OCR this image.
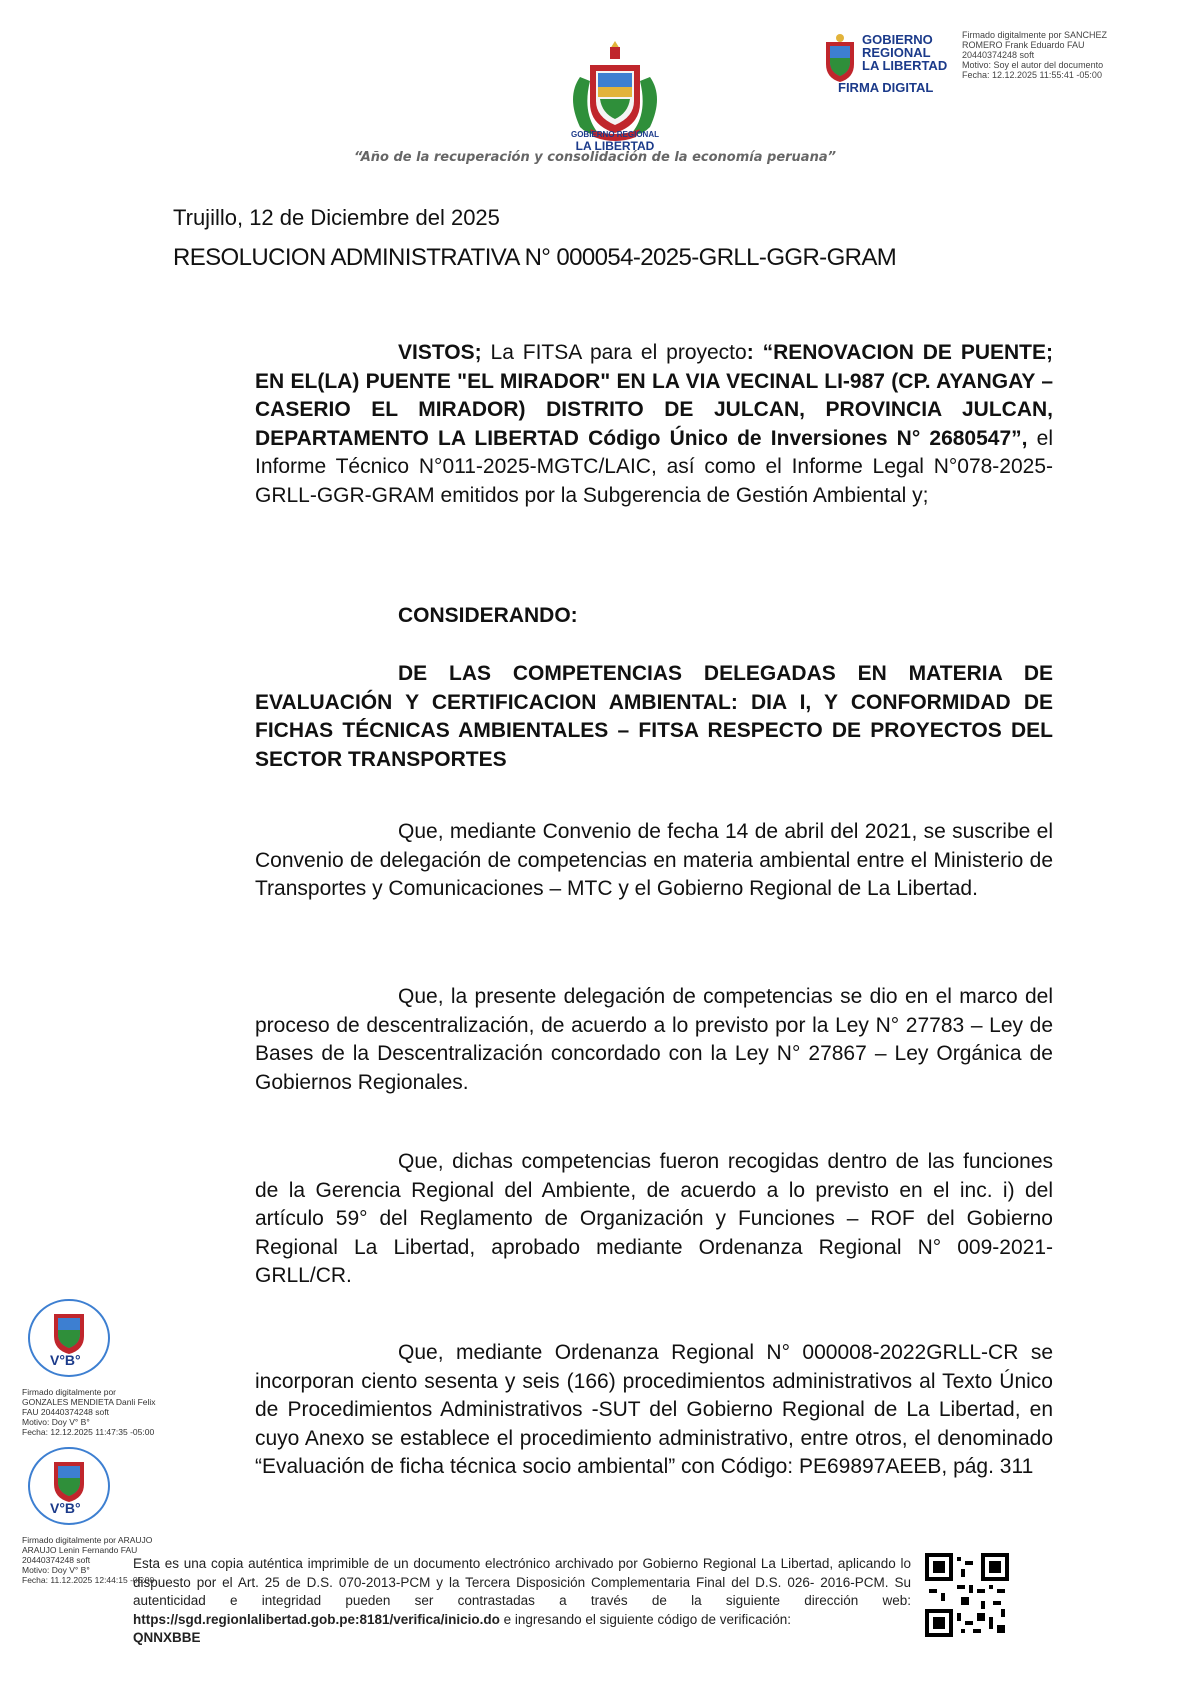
GOBIERNO REGIONAL
LA LIBERTAD
“Año de la recuperación y consolidación de la economía peruana”
GOBIERNO
REGIONAL
LA LIBERTAD
FIRMA DIGITAL
Firmado digitalmente por SANCHEZ
ROMERO Frank Eduardo FAU
20440374248 soft
Motivo: Soy el autor del documento
Fecha: 12.12.2025 11:55:41 -05:00
Trujillo, 12 de Diciembre del 2025
RESOLUCION ADMINISTRATIVA N° 000054-2025-GRLL-GGR-GRAM
VISTOS; La FITSA para el proyecto: “RENOVACION DE PUENTE; EN EL(LA) PUENTE "EL MIRADOR" EN LA VIA VECINAL LI-987 (CP. AYANGAY – CASERIO EL MIRADOR) DISTRITO DE JULCAN, PROVINCIA JULCAN, DEPARTAMENTO LA LIBERTAD Código Único de Inversiones N° 2680547”, el Informe Técnico N°011-2025-MGTC/LAIC, así como el Informe Legal N°078-2025-GRLL-GGR-GRAM emitidos por la Subgerencia de Gestión Ambiental y;
CONSIDERANDO:
DE LAS COMPETENCIAS DELEGADAS EN MATERIA DE EVALUACIÓN Y CERTIFICACION AMBIENTAL: DIA I, Y CONFORMIDAD DE FICHAS TÉCNICAS AMBIENTALES – FITSA RESPECTO DE PROYECTOS DEL SECTOR TRANSPORTES
Que, mediante Convenio de fecha 14 de abril del 2021, se suscribe el Convenio de delegación de competencias en materia ambiental entre el Ministerio de Transportes y Comunicaciones – MTC y el Gobierno Regional de La Libertad.
Que, la presente delegación de competencias se dio en el marco del proceso de descentralización, de acuerdo a lo previsto por la Ley N° 27783 – Ley de Bases de la Descentralización concordado con la Ley N° 27867 – Ley Orgánica de Gobiernos Regionales.
Que, dichas competencias fueron recogidas dentro de las funciones de la Gerencia Regional del Ambiente, de acuerdo a lo previsto en el inc. i) del artículo 59° del Reglamento de Organización y Funciones – ROF del Gobierno Regional La Libertad, aprobado mediante Ordenanza Regional N° 009-2021-GRLL/CR.
Que, mediante Ordenanza Regional N° 000008-2022GRLL-CR se incorporan ciento sesenta y seis (166) procedimientos administrativos al Texto Único de Procedimientos Administrativos -SUT del Gobierno Regional de La Libertad, en cuyo Anexo se establece el procedimiento administrativo, entre otros, el denominado “Evaluación de ficha técnica socio ambiental” con Código: PE69897AEEB, pág. 311
V°B°
Firmado digitalmente por
GONZALES MENDIETA Danli Felix
FAU 20440374248 soft
Motivo: Doy V° B°
Fecha: 12.12.2025 11:47:35 -05:00
V°B°
Firmado digitalmente por ARAUJO
ARAUJO Lenin Fernando FAU
20440374248 soft
Motivo: Doy V° B°
Fecha: 11.12.2025 12:44:15 -05:00
Esta es una copia auténtica imprimible de un documento electrónico archivado por Gobierno Regional La Libertad, aplicando lo dispuesto por el Art. 25 de D.S. 070-2013-PCM y la Tercera Disposición Complementaria Final del D.S. 026- 2016-PCM. Su autenticidad e integridad pueden ser contrastadas a través de la siguiente dirección web: https://sgd.regionlalibertad.gob.pe:8181/verifica/inicio.do e ingresando el siguiente código de verificación:
QNNXBBE
